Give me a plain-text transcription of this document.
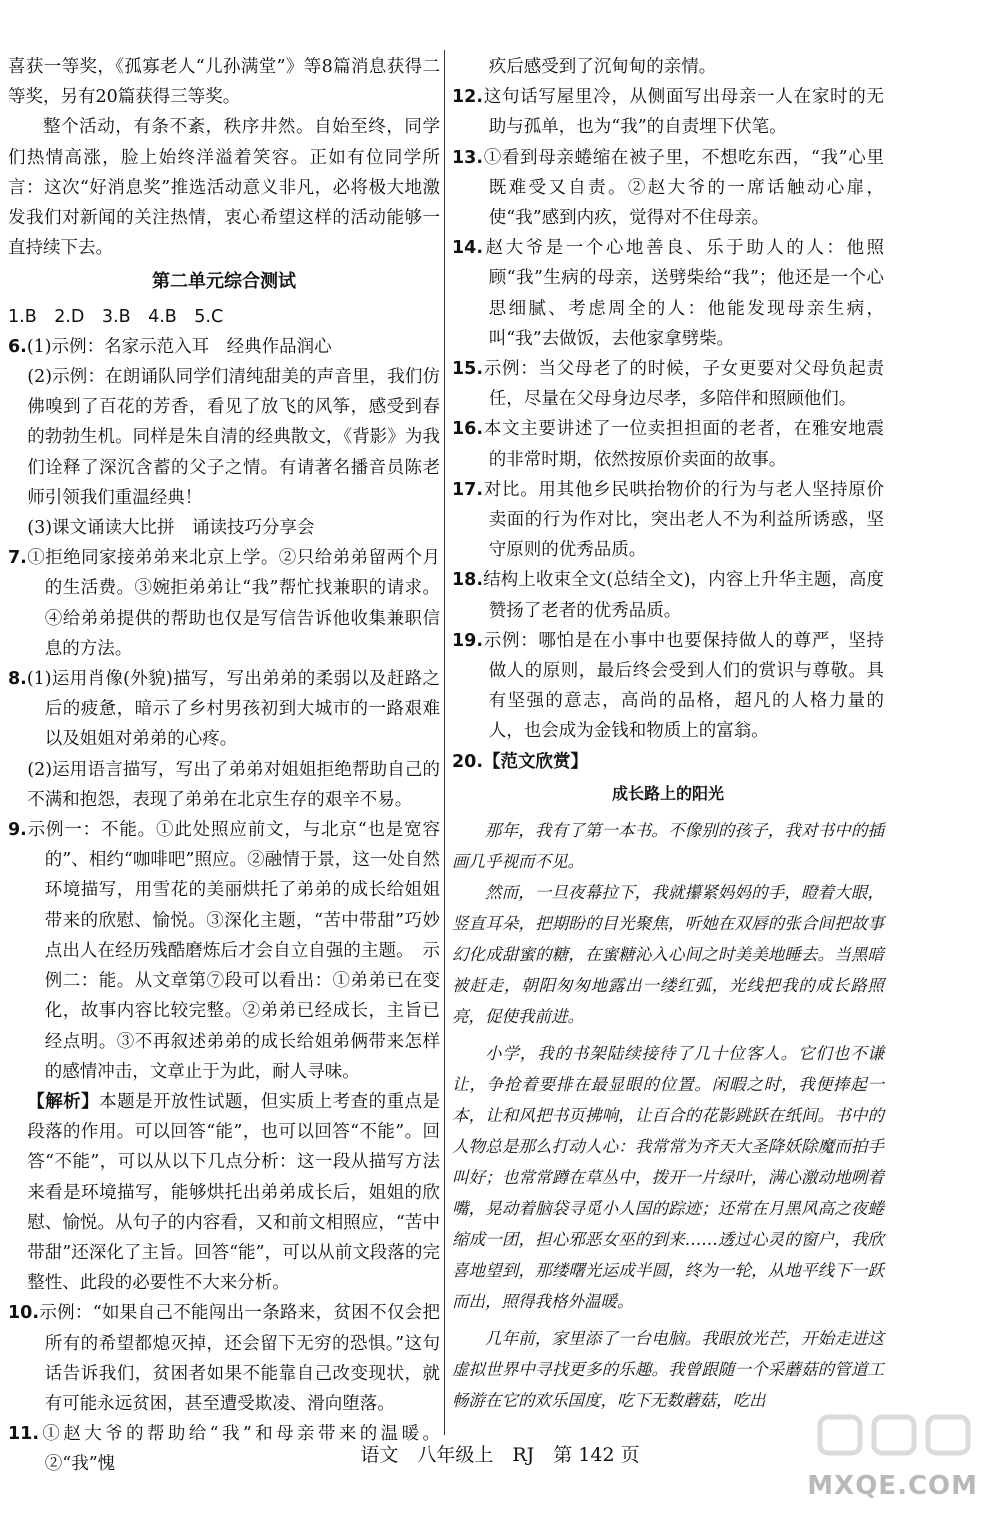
喜获一等奖，《孤寡老人“儿孙满堂”》等8篇消息获得二等奖，另有20篇获得三等奖。

整个活动，有条不紊，秩序井然。自始至终，同学们热情高涨，脸上始终洋溢着笑容。正如有位同学所言：这次“好消息奖”推选活动意义非凡，必将极大地激发我们对新闻的关注热情，衷心希望这样的活动能够一直持续下去。

第二单元综合测试

1.B　2.D　3.B　4.B　5.C

6.(1)示例：名家示范入耳　经典作品润心

(2)示例：在朗诵队同学们清纯甜美的声音里，我们仿佛嗅到了百花的芳香，看见了放飞的风筝，感受到春的勃勃生机。同样是朱自清的经典散文，《背影》为我们诠释了深沉含蓄的父子之情。有请著名播音员陈老师引领我们重温经典！

(3)课文诵读大比拼　诵读技巧分享会

7.①拒绝同家接弟弟来北京上学。②只给弟弟留两个月的生活费。③婉拒弟弟让“我”帮忙找兼职的请求。④给弟弟提供的帮助也仅是写信告诉他收集兼职信息的方法。

8.(1)运用肖像(外貌)描写，写出弟弟的柔弱以及赶路之后的疲惫，暗示了乡村男孩初到大城市的一路艰难以及姐姐对弟弟的心疼。

(2)运用语言描写，写出了弟弟对姐姐拒绝帮助自己的不满和抱怨，表现了弟弟在北京生存的艰辛不易。

9.示例一：不能。①此处照应前文，与北京“也是宽容的”、相约“咖啡吧”照应。②融情于景，这一处自然环境描写，用雪花的美丽烘托了弟弟的成长给姐姐带来的欣慰、愉悦。③深化主题，“苦中带甜”巧妙点出人在经历残酷磨炼后才会自立自强的主题。　示例二：能。从文章第⑦段可以看出：①弟弟已在变化，故事内容比较完整。②弟弟已经成长，主旨已经点明。③不再叙述弟弟的成长给姐弟俩带来怎样的感情冲击，文章止于为此，耐人寻味。

【解析】本题是开放性试题，但实质上考查的重点是段落的作用。可以回答“能”，也可以回答“不能”。回答“不能”，可以从以下几点分析：这一段从描写方法来看是环境描写，能够烘托出弟弟成长后，姐姐的欣慰、愉悦。从句子的内容看，又和前文相照应，“苦中带甜”还深化了主旨。回答“能”，可以从前文段落的完整性、此段的必要性不大来分析。

10.示例：“如果自己不能闯出一条路来，贫困不仅会把所有的希望都熄灭掉，还会留下无穷的恐惧。”这句话告诉我们，贫困者如果不能靠自己改变现状，就有可能永远贫困，甚至遭受欺凌、滑向堕落。

11.①赵大爷的帮助给“我”和母亲带来的温暖。②“我”愧

疚后感受到了沉甸甸的亲情。

12.这句话写屋里冷，从侧面写出母亲一人在家时的无助与孤单，也为“我”的自责埋下伏笔。

13.①看到母亲蜷缩在被子里，不想吃东西，“我”心里既难受又自责。②赵大爷的一席话触动心扉，使“我”感到内疚，觉得对不住母亲。

14.赵大爷是一个心地善良、乐于助人的人：他照顾“我”生病的母亲，送劈柴给“我”；他还是一个心思细腻、考虑周全的人：他能发现母亲生病，叫“我”去做饭，去他家拿劈柴。

15.示例：当父母老了的时候，子女更要对父母负起责任，尽量在父母身边尽孝，多陪伴和照顾他们。

16.本文主要讲述了一位卖担担面的老者，在雅安地震的非常时期，依然按原价卖面的故事。

17.对比。用其他乡民哄抬物价的行为与老人坚持原价卖面的行为作对比，突出老人不为利益所诱惑，坚守原则的优秀品质。

18.结构上收束全文(总结全文)，内容上升华主题，高度赞扬了老者的优秀品质。

19.示例：哪怕是在小事中也要保持做人的尊严，坚持做人的原则，最后终会受到人们的赏识与尊敬。具有坚强的意志，高尚的品格，超凡的人格力量的人，也会成为金钱和物质上的富翁。

20.【范文欣赏】

成长路上的阳光

那年，我有了第一本书。不像别的孩子，我对书中的插画几乎视而不见。

然而，一旦夜幕拉下，我就攥紧妈妈的手，瞪着大眼，竖直耳朵，把期盼的目光聚焦，听她在双唇的张合间把故事幻化成甜蜜的糖，在蜜糖沁入心间之时美美地睡去。当黑暗被赶走，朝阳匆匆地露出一缕红弧，光线把我的成长路照亮，促使我前进。

小学，我的书架陆续接待了几十位客人。它们也不谦让，争抢着要排在最显眼的位置。闲暇之时，我便捧起一本，让和风把书页拂响，让百合的花影跳跃在纸间。书中的人物总是那么打动人心：我常常为齐天大圣降妖除魔而拍手叫好；也常常蹲在草丛中，拨开一片绿叶，满心激动地咧着嘴，晃动着脑袋寻觅小人国的踪迹；还常在月黑风高之夜蜷缩成一团，担心邪恶女巫的到来……透过心灵的窗户，我欣喜地望到，那缕曙光运成半圆，终为一轮，从地平线下一跃而出，照得我格外温暖。

几年前，家里添了一台电脑。我眼放光芒，开始走进这虚拟世界中寻找更多的乐趣。我曾跟随一个采蘑菇的管道工畅游在它的欢乐国度，吃下无数蘑菇，吃出

语文　八年级上　RJ　第 142 页
MXQE.COM
